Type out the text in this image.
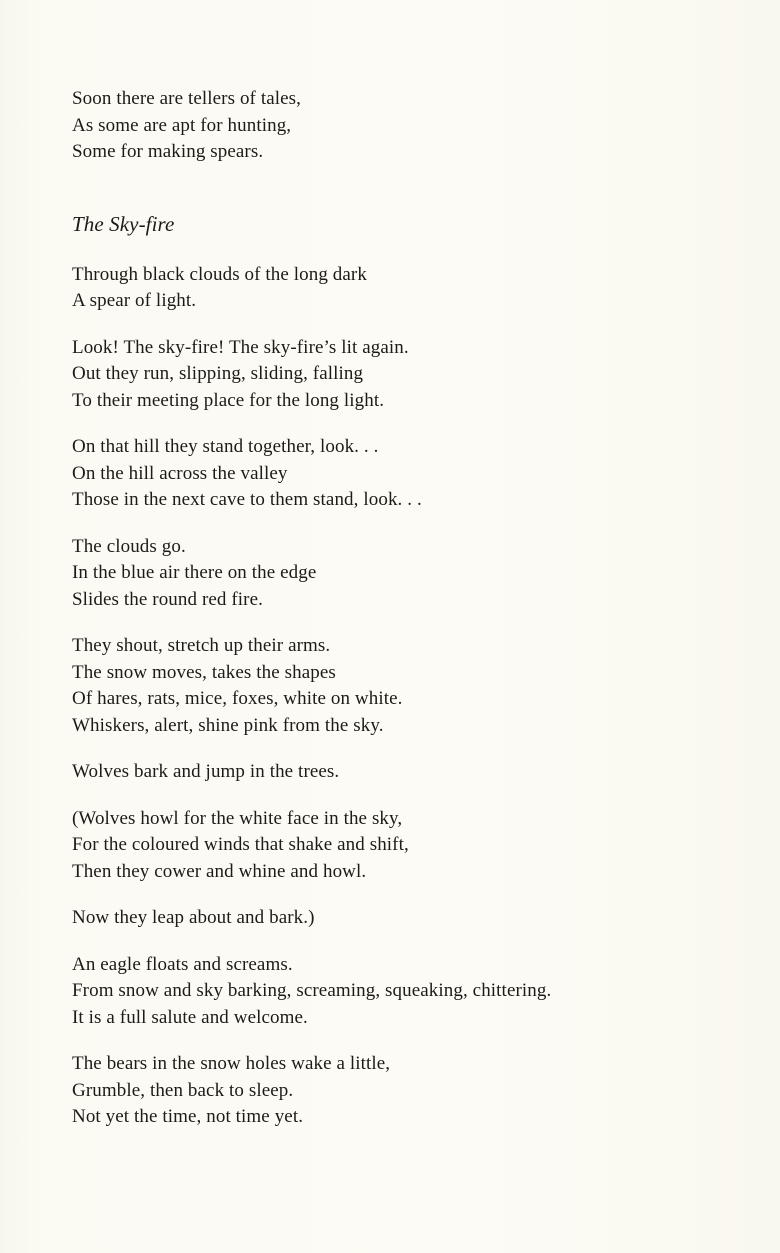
Soon there are tellers of tales,
As some are apt for hunting,
Some for making spears.
The Sky-fire
Through black clouds of the long dark
A spear of light.
Look! The sky-fire! The sky-fire’s lit again.
Out they run, slipping, sliding, falling
To their meeting place for the long light.
On that hill they stand together, look. . .
On the hill across the valley
Those in the next cave to them stand, look. . .
The clouds go.
In the blue air there on the edge
Slides the round red fire.
They shout, stretch up their arms.
The snow moves, takes the shapes
Of hares, rats, mice, foxes, white on white.
Whiskers, alert, shine pink from the sky.
Wolves bark and jump in the trees.
(Wolves howl for the white face in the sky,
For the coloured winds that shake and shift,
Then they cower and whine and howl.
Now they leap about and bark.)
An eagle floats and screams.
From snow and sky barking, screaming, squeaking, chittering.
It is a full salute and welcome.
The bears in the snow holes wake a little,
Grumble, then back to sleep.
Not yet the time, not time yet.
